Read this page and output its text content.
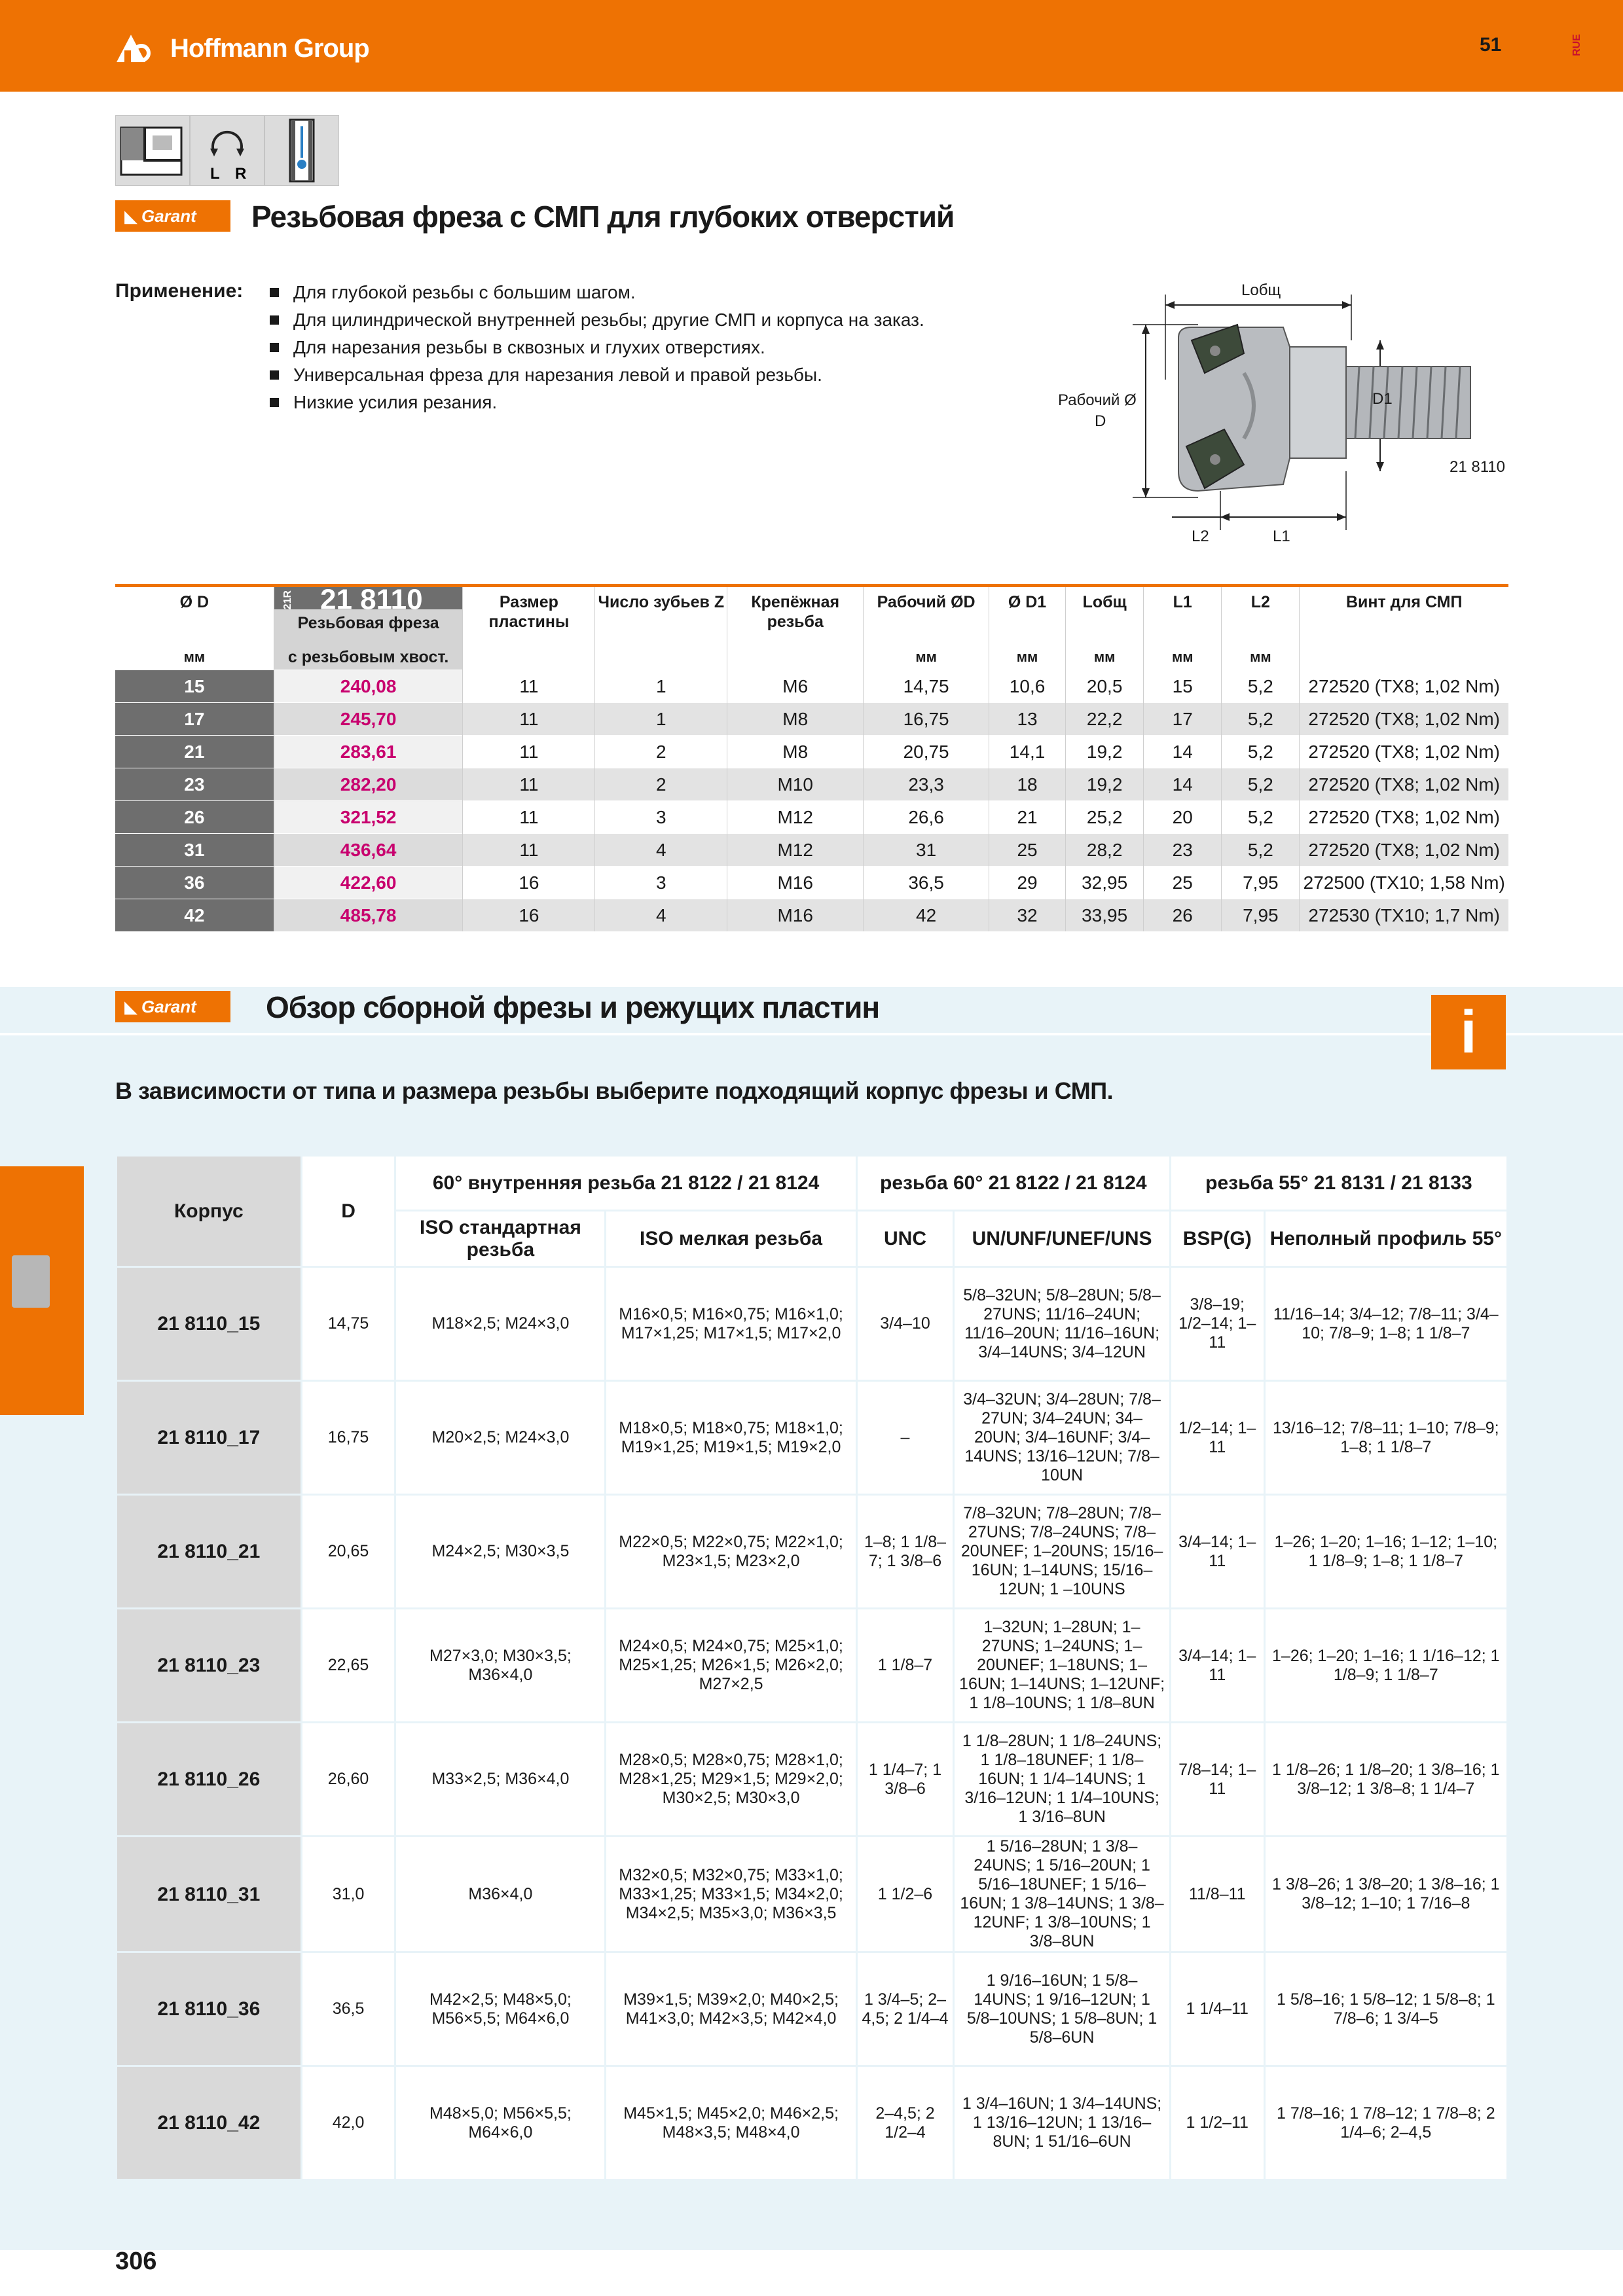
Hoffmann Group	51	RUE
L R
◣ Garant Резьбовая фреза с СМП для глубоких отверстий
Применение:	Для глубокой резьбы с большим шагом.
Для цилиндрической внутренней резьбы; другие СМП и корпуса на заказ.
Для нарезания резьбы в сквозных и глухих отверстиях.
Универсальная фреза для нарезания левой и правой резьбы.
Низкие усилия резания.
Lобщ
Рабочий Ø
D
D1
L2	L1
21 8110
Ø D	21R 21 8110	Размер пластины	Число зубьев Z	Крепёжная резьба	Рабочий ØD	Ø D1	Lобщ	L1	L2	Винт для СМП
	Резьбовая фреза									
мм	с резьбовым хвост.				мм	мм	мм	мм	мм	
15	240,08	11	1	M6	14,75	10,6	20,5	15	5,2	272520 (TX8; 1,02 Nm)
17	245,70	11	1	M8	16,75	13	22,2	17	5,2	272520 (TX8; 1,02 Nm)
21	283,61	11	2	M8	20,75	14,1	19,2	14	5,2	272520 (TX8; 1,02 Nm)
23	282,20	11	2	M10	23,3	18	19,2	14	5,2	272520 (TX8; 1,02 Nm)
26	321,52	11	3	M12	26,6	21	25,2	20	5,2	272520 (TX8; 1,02 Nm)
31	436,64	11	4	M12	31	25	28,2	23	5,2	272520 (TX8; 1,02 Nm)
36	422,60	16	3	M16	36,5	29	32,95	25	7,95	272500 (TX10; 1,58 Nm)
42	485,78	16	4	M16	42	32	33,95	26	7,95	272530 (TX10; 1,7 Nm)
◣ Garant Обзор сборной фрезы и режущих пластин	i
В зависимости от типа и размера резьбы выберите подходящий корпус фрезы и СМП.
Корпус	D	60° внутренняя резьба 21 8122 / 21 8124		резьба 60° 21 8122 / 21 8124		резьба 55° 21 8131 / 21 8133	
		ISO стандартная резьба	ISO мелкая резьба	UNC	UN/UNF/UNEF/UNS	BSP(G)	Неполный профиль 55°
21 8110_15	14,75	M18×2,5; M24×3,0	M16×0,5; M16×0,75; M16×1,0; M17×1,25; M17×1,5; M17×2,0	3/4–10	5/8–32UN; 5/8–28UN; 5/8–27UNS; 11/16–24UN; 11/16–20UN; 11/16–16UN; 3/4–14UNS; 3/4–12UN	3/8–19; 1/2–14; 1–11	11/16–14; 3/4–12; 7/8–11; 3/4–10; 7/8–9; 1–8; 1 1/8–7
21 8110_17	16,75	M20×2,5; M24×3,0	M18×0,5; M18×0,75; M18×1,0; M19×1,25; M19×1,5; M19×2,0	–	3/4–32UN; 3/4–28UN; 7/8–27UN; 3/4–24UN; 34–20UN; 3/4–16UNF; 3/4–14UNS; 13/16–12UN; 7/8–10UN	1/2–14; 1–11	13/16–12; 7/8–11; 1–10; 7/8–9; 1–8; 1 1/8–7
21 8110_21	20,65	M24×2,5; M30×3,5	M22×0,5; M22×0,75; M22×1,0; M23×1,5; M23×2,0	1–8; 1 1/8–7; 1 3/8–6	7/8–32UN; 7/8–28UN; 7/8–27UNS; 7/8–24UNS; 7/8–20UNEF; 1–20UNS; 15/16–16UN; 1–14UNS; 15/16–12UN; 1 –10UNS	3/4–14; 1–11	1–26; 1–20; 1–16; 1–12; 1–10; 1 1/8–9; 1–8; 1 1/8–7
21 8110_23	22,65	M27×3,0; M30×3,5; M36×4,0	M24×0,5; M24×0,75; M25×1,0; M25×1,25; M26×1,5; M26×2,0; M27×2,5	1 1/8–7	1–32UN; 1–28UN; 1–27UNS; 1–24UNS; 1–20UNEF; 1–18UNS; 1–16UN; 1–14UNS; 1–12UNF; 1 1/8–10UNS; 1 1/8–8UN	3/4–14; 1–11	1–26; 1–20; 1–16; 1 1/16–12; 1 1/8–9; 1 1/8–7
21 8110_26	26,60	M33×2,5; M36×4,0	M28×0,5; M28×0,75; M28×1,0; M28×1,25; M29×1,5; M29×2,0; M30×2,5; M30×3,0	1 1/4–7; 1 3/8–6	1 1/8–28UN; 1 1/8–24UNS; 1 1/8–18UNEF; 1 1/8–16UN; 1 1/4–14UNS; 1 3/16–12UN; 1 1/4–10UNS; 1 3/16–8UN	7/8–14; 1–11	1 1/8–26; 1 1/8–20; 1 3/8–16; 1 3/8–12; 1 3/8–8; 1 1/4–7
21 8110_31	31,0	M36×4,0	M32×0,5; M32×0,75; M33×1,0; M33×1,25; M33×1,5; M34×2,0; M34×2,5; M35×3,0; M36×3,5	1 1/2–6	1 5/16–28UN; 1 3/8–24UNS; 1 5/16–20UN; 1 5/16–18UNEF; 1 5/16–16UN; 1 3/8–14UNS; 1 3/8–12UNF; 1 3/8–10UNS; 1 3/8–8UN	11/8–11	1 3/8–26; 1 3/8–20; 1 3/8–16; 1 3/8–12; 1–10; 1 7/16–8
21 8110_36	36,5	M42×2,5; M48×5,0; M56×5,5; M64×6,0	M39×1,5; M39×2,0; M40×2,5; M41×3,0; M42×3,5; M42×4,0	1 3/4–5; 2–4,5; 2 1/4–4	1 9/16–16UN; 1 5/8–14UNS; 1 9/16–12UN; 1 5/8–10UNS; 1 5/8–8UN; 1 5/8–6UN	1 1/4–11	1 5/8–16; 1 5/8–12; 1 5/8–8; 1 7/8–6; 1 3/4–5
21 8110_42	42,0	M48×5,0; M56×5,5; M64×6,0	M45×1,5; M45×2,0; M46×2,5; M48×3,5; M48×4,0	2–4,5; 2 1/2–4	1 3/4–16UN; 1 3/4–14UNS; 1 13/16–12UN; 1 13/16–8UN; 1 51/16–6UN	1 1/2–11	1 7/8–16; 1 7/8–12; 1 7/8–8; 2 1/4–6; 2–4,5
306
